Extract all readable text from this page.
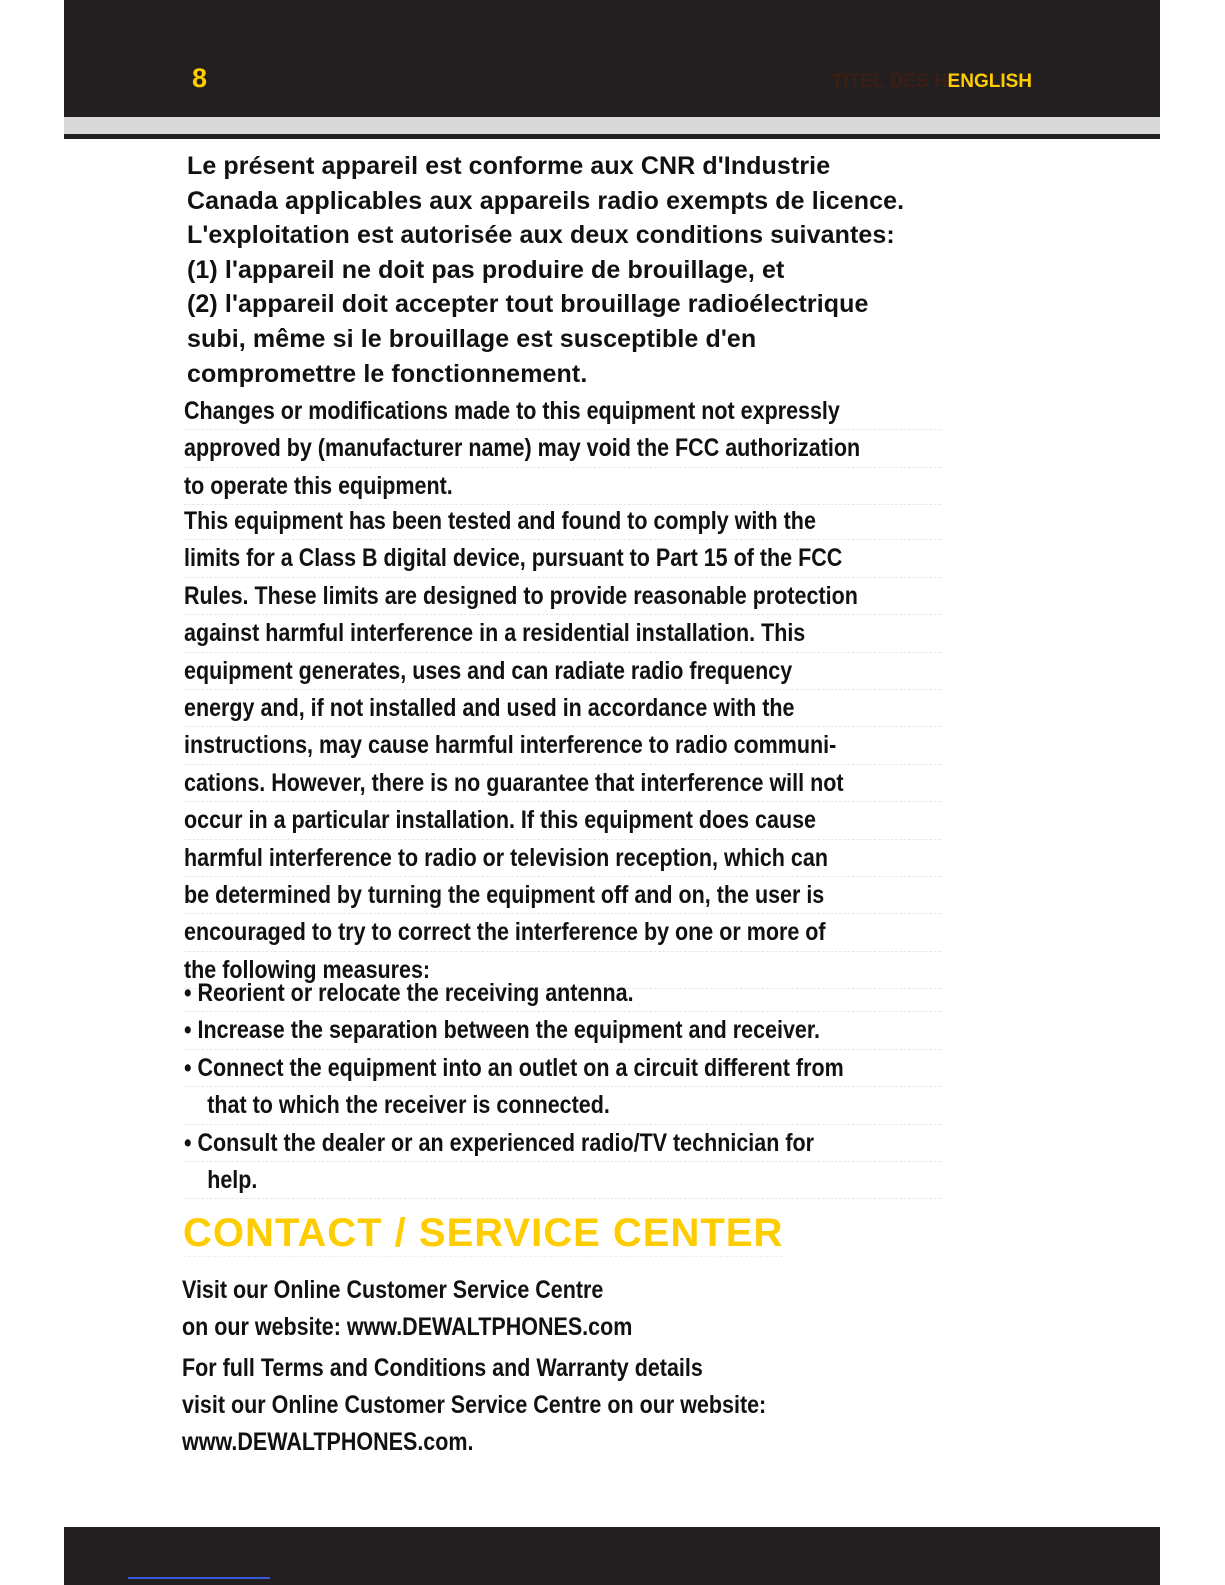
8	TITEL DES HENGLISH
Le présent appareil est conforme aux CNR d'Industrie
Canada applicables aux appareils radio exempts de licence.
L'exploitation est autorisée aux deux conditions suivantes:
(1) l'appareil ne doit pas produire de brouillage, et
(2) l'appareil doit accepter tout brouillage radioélectrique
subi, même si le brouillage est susceptible d'en
compromettre le fonctionnement.
Changes or modifications made to this equipment not expressly
approved by (manufacturer name) may void the FCC authorization
to operate this equipment.
This equipment has been tested and found to comply with the
limits for a Class B digital device, pursuant to Part 15 of the FCC
Rules. These limits are designed to provide reasonable protection
against harmful interference in a residential installation. This
equipment generates, uses and can radiate radio frequency
energy and, if not installed and used in accordance with the
instructions, may cause harmful interference to radio communi-
cations. However, there is no guarantee that interference will not
occur in a particular installation. If this equipment does cause
harmful interference to radio or television reception, which can
be determined by turning the equipment off and on, the user is
encouraged to try to correct the interference by one or more of
the following measures:
• Reorient or relocate the receiving antenna.
• Increase the separation between the equipment and receiver.
• Connect the equipment into an outlet on a circuit different from
that to which the receiver is connected.
• Consult the dealer or an experienced radio/TV technician for
help.
CONTACT / SERVICE CENTER
Visit our Online Customer Service Centre
on our website: www.DEWALTPHONES.com
For full Terms and Conditions and Warranty details
visit our Online Customer Service Centre on our website:
www.DEWALTPHONES.com.
